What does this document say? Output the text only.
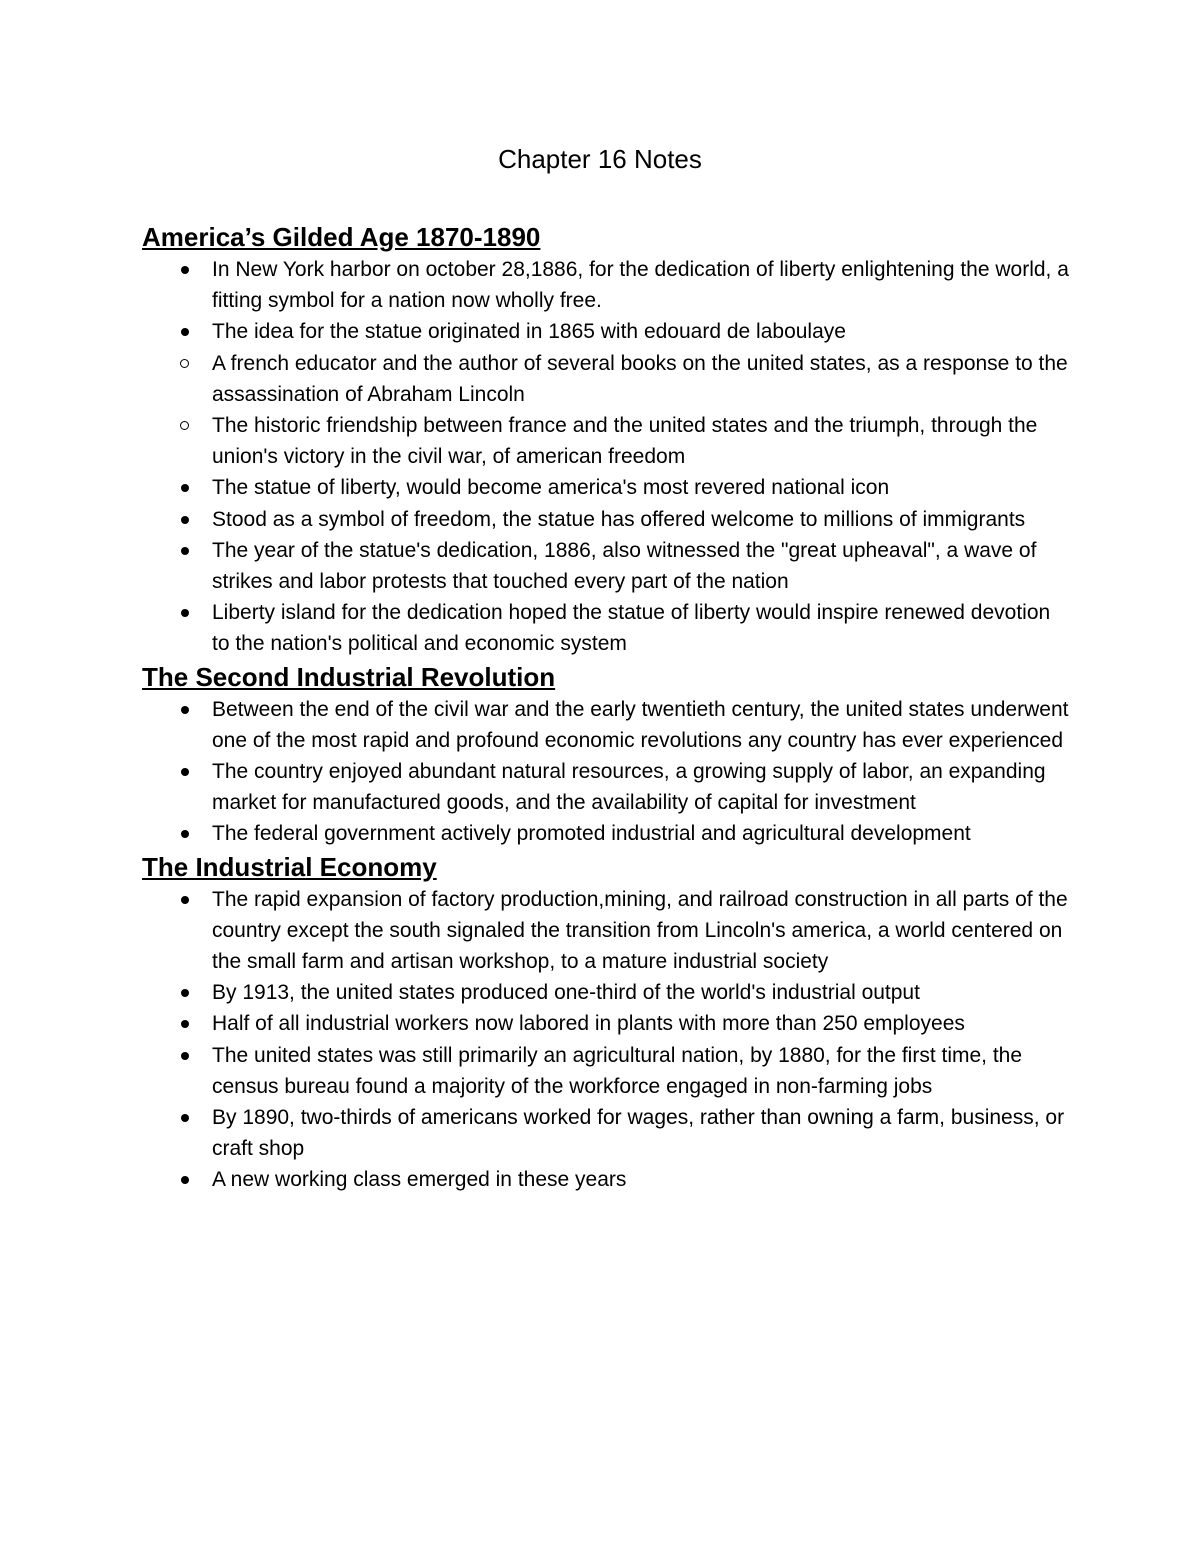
Chapter 16 Notes
America’s Gilded Age 1870-1890
In New York harbor on october 28,1886, for the dedication of liberty enlightening the world, a fitting symbol for a nation now wholly free.
The idea for the statue originated in 1865 with edouard de laboulaye
A french educator and the author of several books on the united states, as a response to the assassination of Abraham Lincoln
The historic friendship between france and the united states and the triumph, through the union's victory in the civil war, of american freedom
The statue of liberty, would become america's most revered national icon
Stood as a symbol of freedom, the statue has offered welcome to millions of immigrants
The year of the statue's dedication, 1886, also witnessed the "great upheaval", a wave of strikes and labor protests that touched every part of the nation
Liberty island for the dedication hoped the statue of liberty would inspire renewed devotion to the nation's political and economic system
The Second Industrial Revolution
Between the end of the civil war and the early twentieth century, the united states underwent one of the most rapid and profound economic revolutions any country has ever experienced
The country enjoyed abundant natural resources, a growing supply of labor, an expanding market for manufactured goods, and the availability of capital for investment
The federal government actively promoted industrial and agricultural development
The Industrial Economy
The rapid expansion of factory production,mining, and railroad construction in all parts of the country except the south signaled the transition from Lincoln's america, a world centered on the small farm and artisan workshop, to a mature industrial society
By 1913, the united states produced one-third of the world's industrial output
Half of all industrial workers now labored in plants with more than 250 employees
The united states was still primarily an agricultural nation, by 1880, for the first time, the census bureau found a majority of the workforce engaged in non-farming jobs
By 1890, two-thirds of americans worked for wages, rather than owning a farm, business, or craft shop
A new working class emerged in these years
